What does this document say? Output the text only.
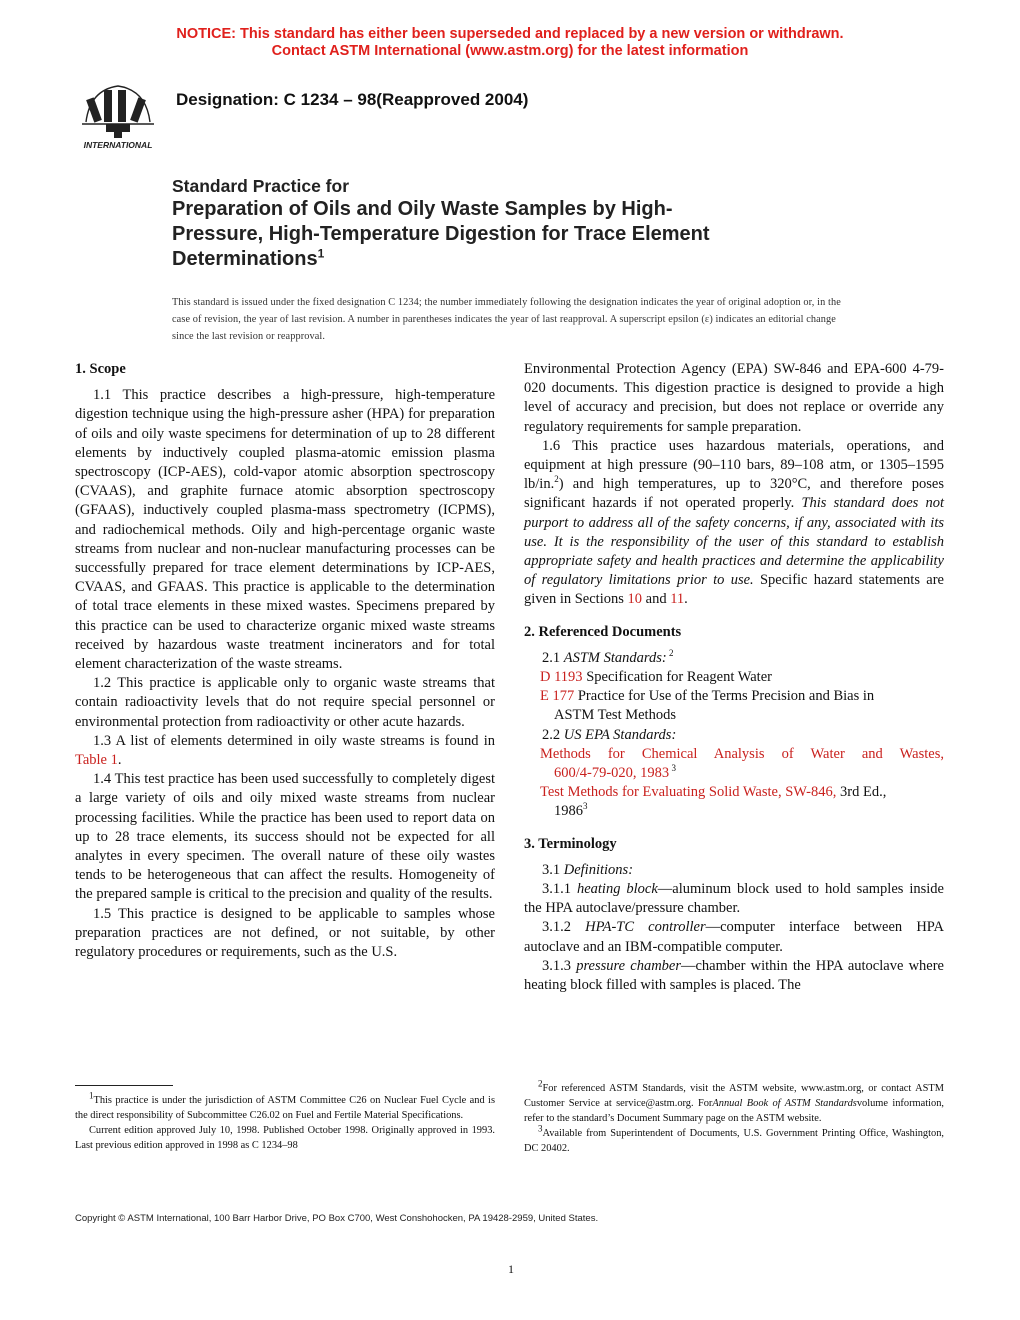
NOTICE: This standard has either been superseded and replaced by a new version or withdrawn.
Contact ASTM International (www.astm.org) for the latest information
INTERNATIONAL
Designation: C 1234 – 98(Reapproved 2004)
Standard Practice for
Preparation of Oils and Oily Waste Samples by High-
Pressure, High-Temperature Digestion for Trace Element
Determinations$^1$
This standard is issued under the fixed designation C 1234; the number immediately following the designation indicates the year of original adoption or, in the case of revision, the year of last revision. A number in parentheses indicates the year of last reapproval. A superscript epsilon (ε) indicates an editorial change since the last revision or reapproval.

1. Scope

1.1 This practice describes a high-pressure, high-temperature digestion technique using the high-pressure asher (HPA) for preparation of oils and oily waste specimens for determination of up to 28 different elements by inductively coupled plasma-atomic emission plasma spectroscopy (ICP-AES), cold-vapor atomic absorption spectroscopy (CVAAS), and graphite furnace atomic absorption spectroscopy (GFAAS), inductively coupled plasma-mass spectrometry (ICPMS), and radiochemical methods. Oily and high-percentage organic waste streams from nuclear and non-nuclear manufacturing processes can be successfully prepared for trace element determinations by ICP-AES, CVAAS, and GFAAS. This practice is applicable to the determination of total trace elements in these mixed wastes. Specimens prepared by this practice can be used to characterize organic mixed waste streams received by hazardous waste treatment incinerators and for total element characterization of the waste streams.

1.2 This practice is applicable only to organic waste streams that contain radioactivity levels that do not require special personnel or environmental protection from radioactivity or other acute hazards.

1.3 A list of elements determined in oily waste streams is found in Table 1.

1.4 This test practice has been used successfully to completely digest a large variety of oils and oily mixed waste streams from nuclear processing facilities. While the practice has been used to report data on up to 28 trace elements, its success should not be expected for all analytes in every specimen. The overall nature of these oily wastes tends to be heterogeneous that can affect the results. Homogeneity of the prepared sample is critical to the precision and quality of the results.

1.5 This practice is designed to be applicable to samples whose preparation practices are not defined, or not suitable, by other regulatory procedures or requirements, such as the U.S.

Environmental Protection Agency (EPA) SW-846 and EPA-600 4-79-020 documents. This digestion practice is designed to provide a high level of accuracy and precision, but does not replace or override any regulatory requirements for sample preparation.

1.6 This practice uses hazardous materials, operations, and equipment at high pressure (90–110 bars, 89–108 atm, or 1305–1595 lb/in.$^2$) and high temperatures, up to 320°C, and therefore poses significant hazards if not operated properly. This standard does not purport to address all of the safety concerns, if any, associated with its use. It is the responsibility of the user of this standard to establish appropriate safety and health practices and determine the applicability of regulatory limitations prior to use. Specific hazard statements are given in Sections 10 and 11.

2. Referenced Documents

2.1 ASTM Standards: $^2$

D 1193 Specification for Reagent Water

E 177 Practice for Use of the Terms Precision and Bias in

ASTM Test Methods

2.2 US EPA Standards:

Methods for Chemical Analysis of Water and Wastes,

600/4-79-020, 1983 $^3$

Test Methods for Evaluating Solid Waste, SW-846, 3rd Ed.,

1986$^3$

3. Terminology

3.1 Definitions:

3.1.1 heating block—aluminum block used to hold samples inside the HPA autoclave/pressure chamber.

3.1.2 HPA-TC controller—computer interface between HPA autoclave and an IBM-compatible computer.

3.1.3 pressure chamber—chamber within the HPA autoclave where heating block filled with samples is placed. The

$^1$This practice is under the jurisdiction of ASTM Committee C26 on Nuclear Fuel Cycle and is the direct responsibility of Subcommittee C26.02 on Fuel and Fertile Material Specifications.

Current edition approved July 10, 1998. Published October 1998. Originally approved in 1993. Last previous edition approved in 1998 as C 1234–98

$^2$For referenced ASTM Standards, visit the ASTM website, www.astm.org, or contact ASTM Customer Service at service@astm.org. ForAnnual Book of ASTM Standardsvolume information, refer to the standard’s Document Summary page on the ASTM website.

$^3$Available from Superintendent of Documents, U.S. Government Printing Office, Washington, DC 20402.

Copyright © ASTM International, 100 Barr Harbor Drive, PO Box C700, West Conshohocken, PA 19428-2959, United States.
1
